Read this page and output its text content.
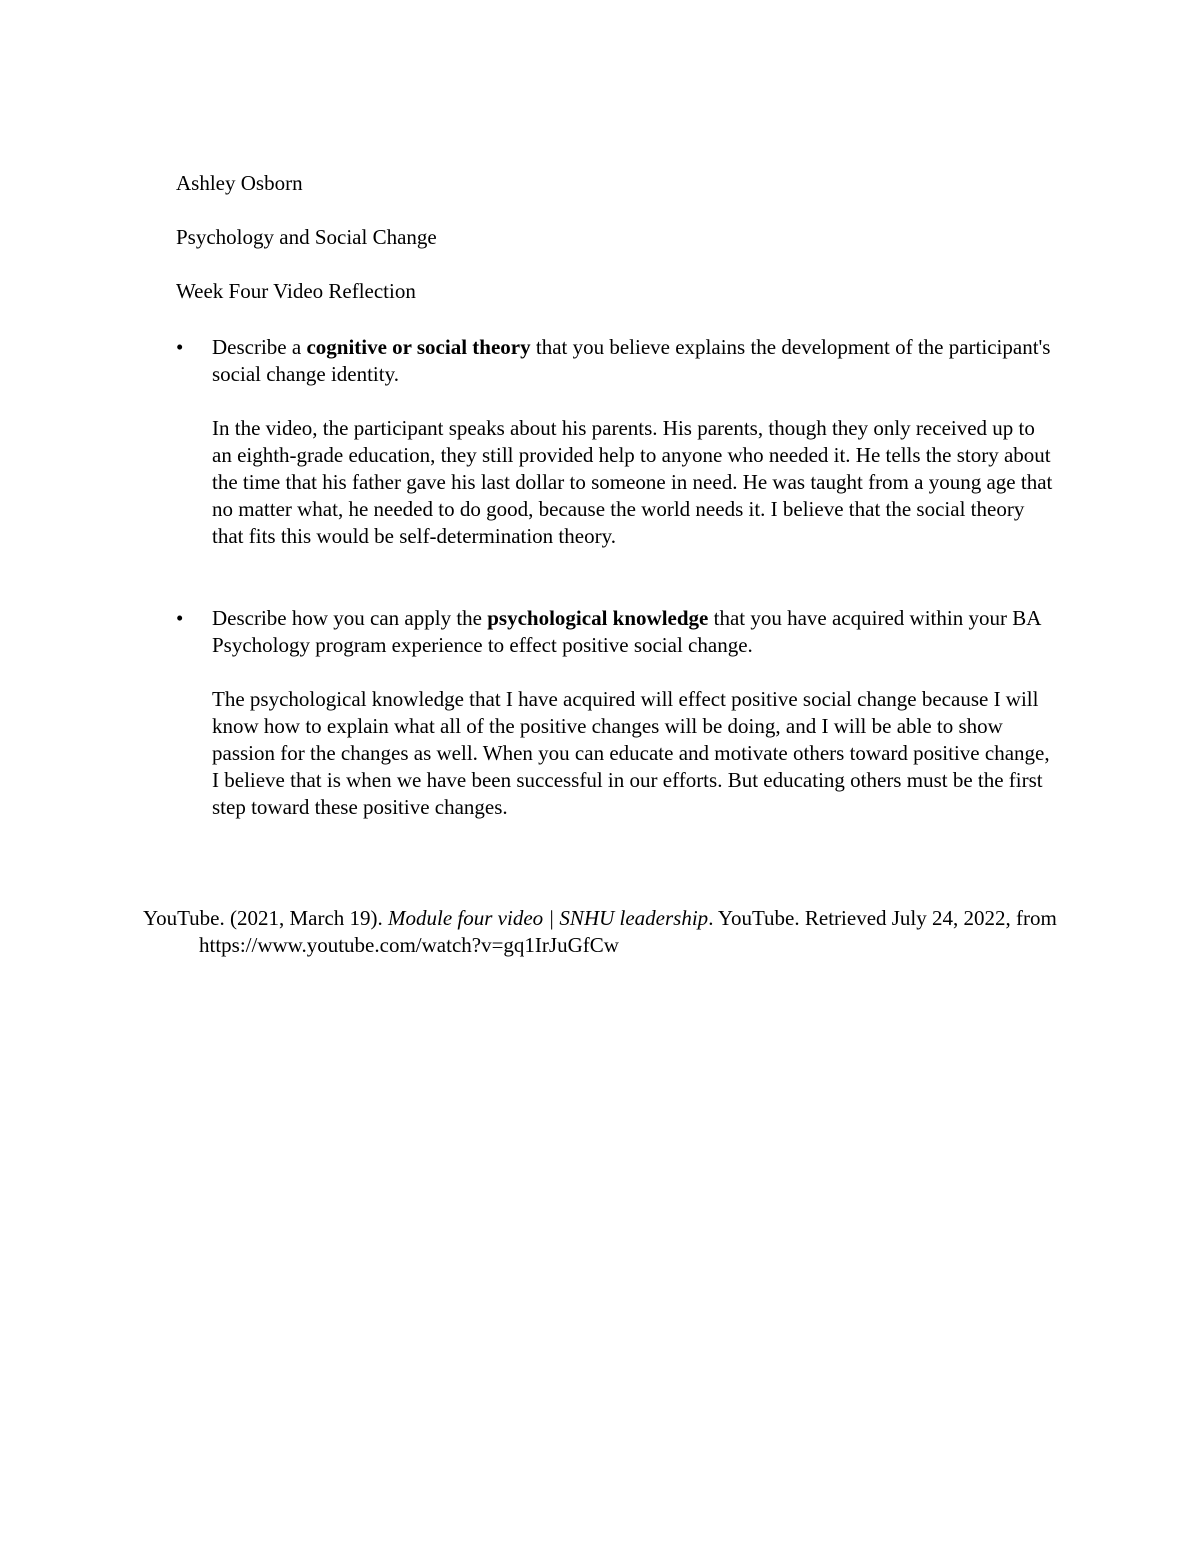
Ashley Osborn

Psychology and Social Change

Week Four Video Reflection

•	Describe a cognitive or social theory that you believe explains the development of the participant's social change identity.

In the video, the participant speaks about his parents. His parents, though they only received up to an eighth-grade education, they still provided help to anyone who needed it. He tells the story about the time that his father gave his last dollar to someone in need. He was taught from a young age that no matter what, he needed to do good, because the world needs it. I believe that the social theory that fits this would be self-determination theory.

•	Describe how you can apply the psychological knowledge that you have acquired within your BA Psychology program experience to effect positive social change.

The psychological knowledge that I have acquired will effect positive social change because I will know how to explain what all of the positive changes will be doing, and I will be able to show passion for the changes as well. When you can educate and motivate others toward positive change, I believe that is when we have been successful in our efforts. But educating others must be the first step toward these positive changes.

YouTube. (2021, March 19). Module four video | SNHU leadership. YouTube. Retrieved July 24, 2022, from https://www.youtube.com/watch?v=gq1IrJuGfCw
